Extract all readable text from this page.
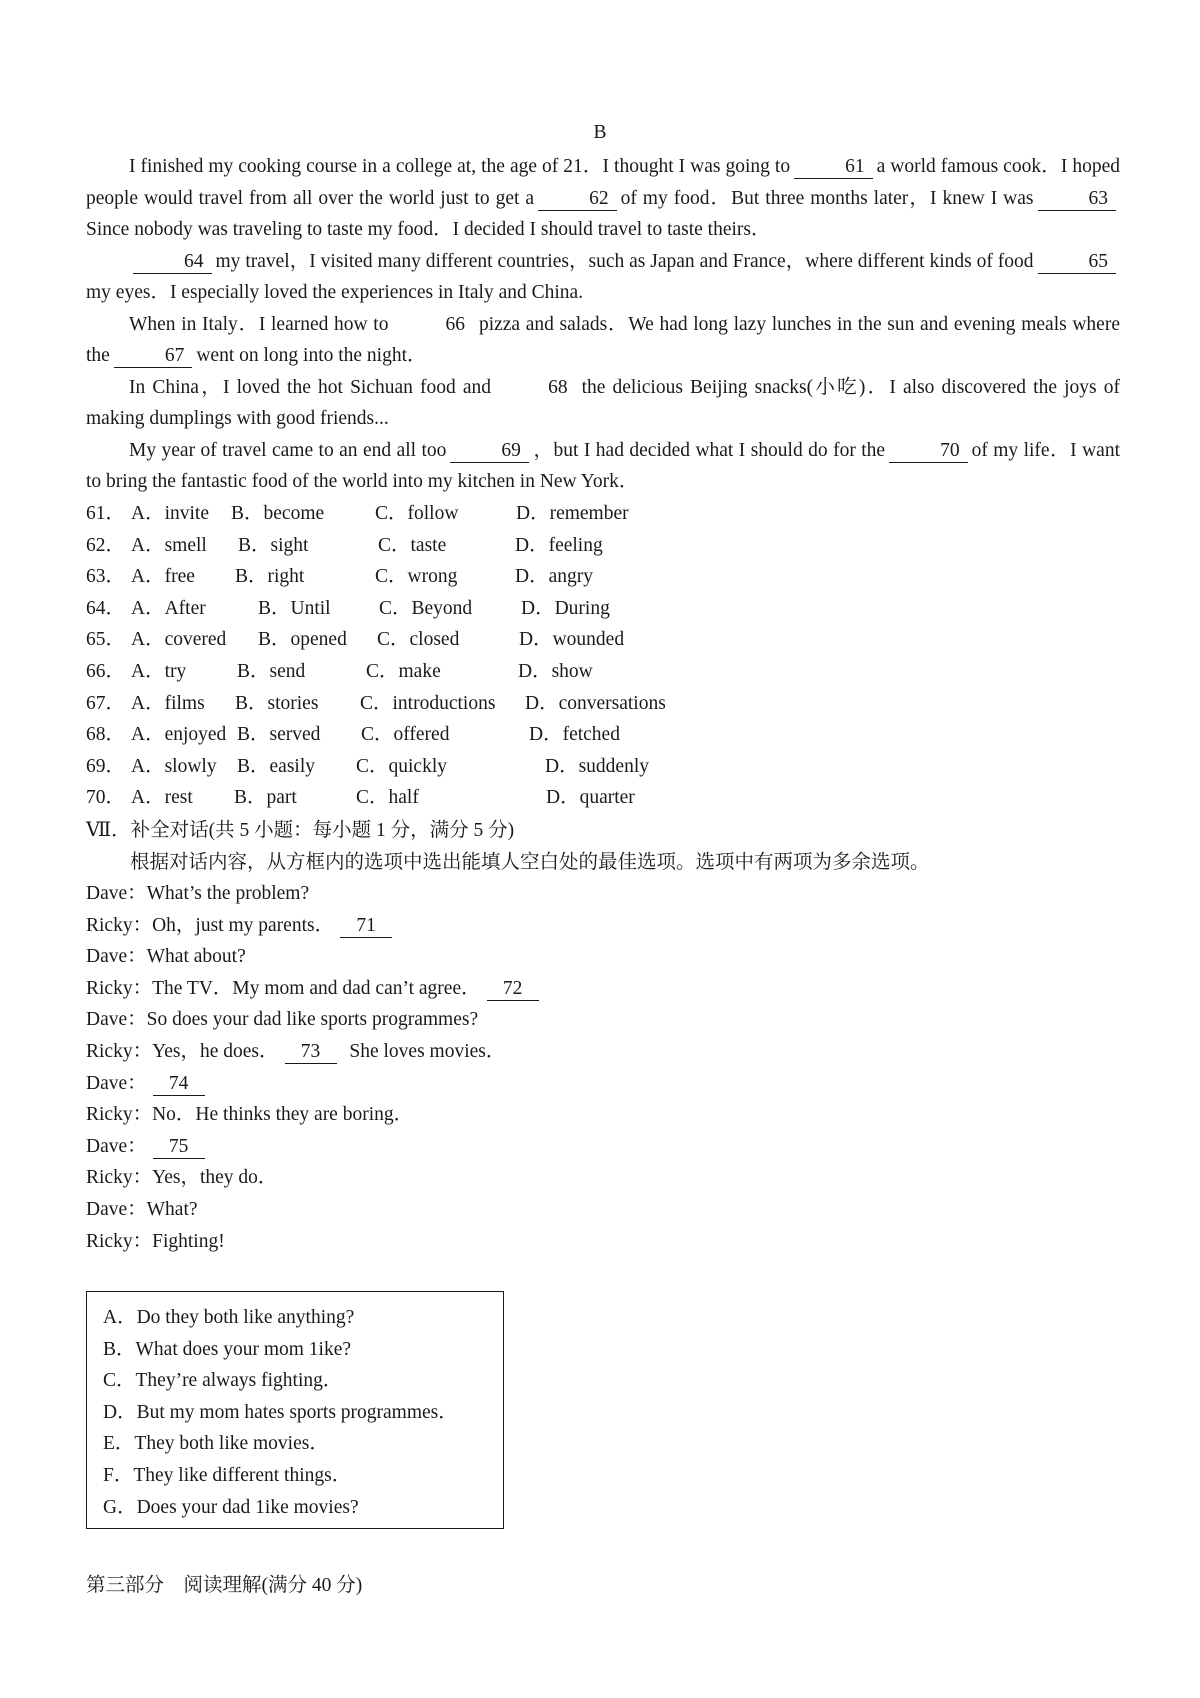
B

I finished my cooking course in a college at, the age of 21．I thought I was going to	61 a world famous cook．I hoped people would travel from all over the world just to get a	62 of my food．But three months later，I knew I was	63Since nobody was traveling to taste my food．I decided I should travel to taste theirs．

64 my travel，I visited many different countries，such as Japan and France，where different kinds of food	65my eyes．I especially loved the experiences in Italy and China.

When in Italy．I learned how to	66 pizza and salads．We had long lazy lunches in the sun and evening meals where the	67 went on long into the night．

In China，I loved the hot Sichuan food and	68 the delicious Beijing snacks(小吃)．I also discovered the joys of making dumplings with good friends...

My year of travel came to an end all too	69 ，but I had decided what I should do for the	70 of my life．I want to bring the fantastic food of the world into my kitchen in New York．

61． A．invite B．become	C．follow	D．remember
62． A．smell B．sight	C．taste	D．feeling
63． A．free B．right	C．wrong	D．angry
64． A．After	B．Until C．Beyond	D．During
65． A．covered B．opened C．closed	D．wounded
66． A．try	B．send	C．make	D．show
67． A．films B．stories C．introductions D．conversations
68． A．enjoyed B．served C．offered	D．fetched
69． A．slowly B．easily C．quickly	D．suddenly
70． A．rest B．part	C．half	D．quarter
Ⅶ．补全对话(共 5 小题：每小题 1 分，满分 5 分)
根据对话内容，从方框内的选项中选出能填人空白处的最佳选项。选项中有两项为多余选项。
Dave：What’s the problem?
Ricky：Oh，just my parents． 71
Dave：What about?
Ricky：The TV．My mom and dad can’t agree． 72
Dave：So does your dad like sports programmes?
Ricky：Yes，he does． 73 She loves movies．
Dave： 74
Ricky：No．He thinks they are boring．
Dave： 75
Ricky：Yes，they do．
Dave：What?
Ricky：Fighting!
A．Do they both like anything?
B．What does your mom 1ike?
C．They’re always fighting．
D．But my mom hates sports programmes．
E．They both like movies．
F．They like different things．
G．Does your dad 1ike movies?
第三部分　阅读理解(满分 40 分)
